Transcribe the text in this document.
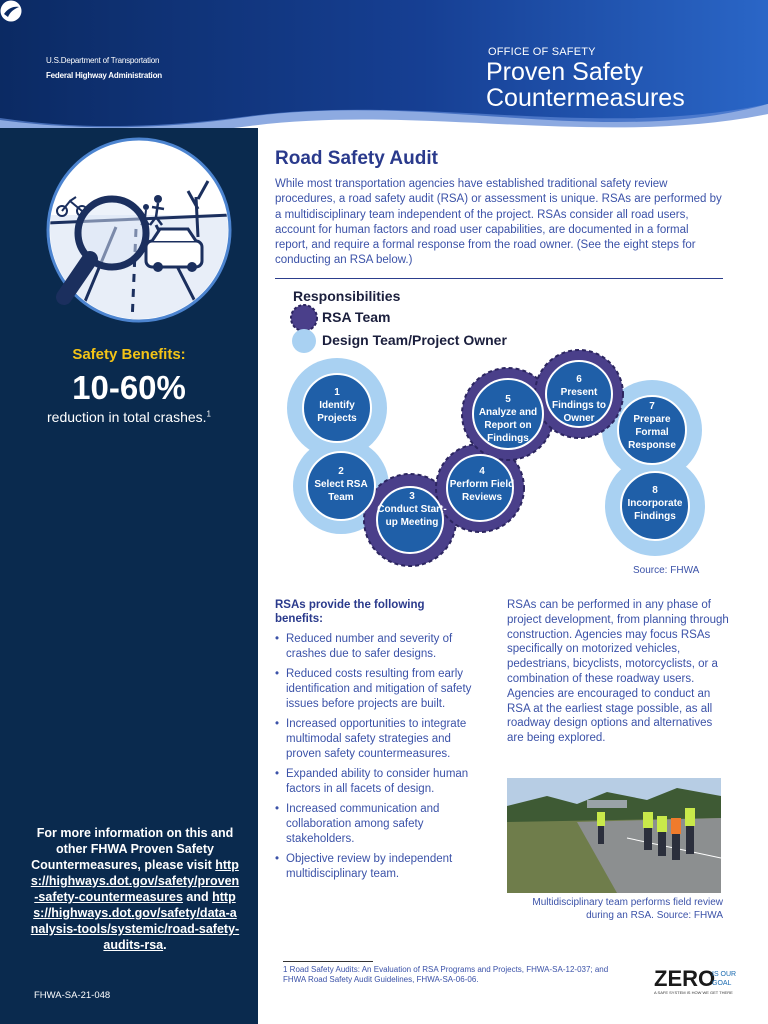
U.S.Department of Transportation
Federal Highway Administration
OFFICE OF SAFETY
Proven Safety
Countermeasures
Safety Benefits:
10-60%
reduction in total crashes.$^1$
For more information on this and other FHWA Proven Safety Countermeasures, please visit https://highways.dot.gov/safety/proven-safety-countermeasures and https://highways.dot.gov/safety/data-analysis-tools/systemic/road-safety-audits-rsa.
FHWA-SA-21-048
Road Safety Audit
While most transportation agencies have established traditional safety review procedures, a road safety audit (RSA) or assessment is unique. RSAs are performed by a multidisciplinary team independent of the project. RSAs consider all road users, account for human factors and road user capabilities, are documented in a formal report, and require a formal response from the road owner. (See the eight steps for conducting an RSA below.)
Responsibilities
RSA Team
Design Team/Project Owner
1
Identify Projects
2
Select RSA Team	3
Conduct Start-up Meeting
4
Perform Field Reviews
5
Analyze and Report on Findings
6
Present Findings to Owner
7
Prepare Formal Response
8
Incorporate Findings
Source: FHWA
RSAs provide the following benefits:
• Reduced number and severity of crashes due to safer designs.
• Reduced costs resulting from early identification and mitigation of safety issues before projects are built.
• Increased opportunities to integrate multimodal safety strategies and proven safety countermeasures.
• Expanded ability to consider human factors in all facets of design.
• Increased communication and collaboration among safety stakeholders.
• Objective review by independent multidisciplinary team.
RSAs can be performed in any phase of project development, from planning through construction. Agencies may focus RSAs specifically on motorized vehicles, pedestrians, bicyclists, motorcyclists, or a combination of these roadway users. Agencies are encouraged to conduct an RSA at the earliest stage possible, as all roadway design options and alternatives are being explored.
Multidisciplinary team performs field review during an RSA. Source: FHWA
1 Road Safety Audits: An Evaluation of RSA Programs and Projects, FHWA-SA-12-037; and FHWA Road Safety Audit Guidelines, FHWA-SA-06-06.	ZERO
IS OUR
GOAL
A SAFE SYSTEM IS HOW WE GET THERE
